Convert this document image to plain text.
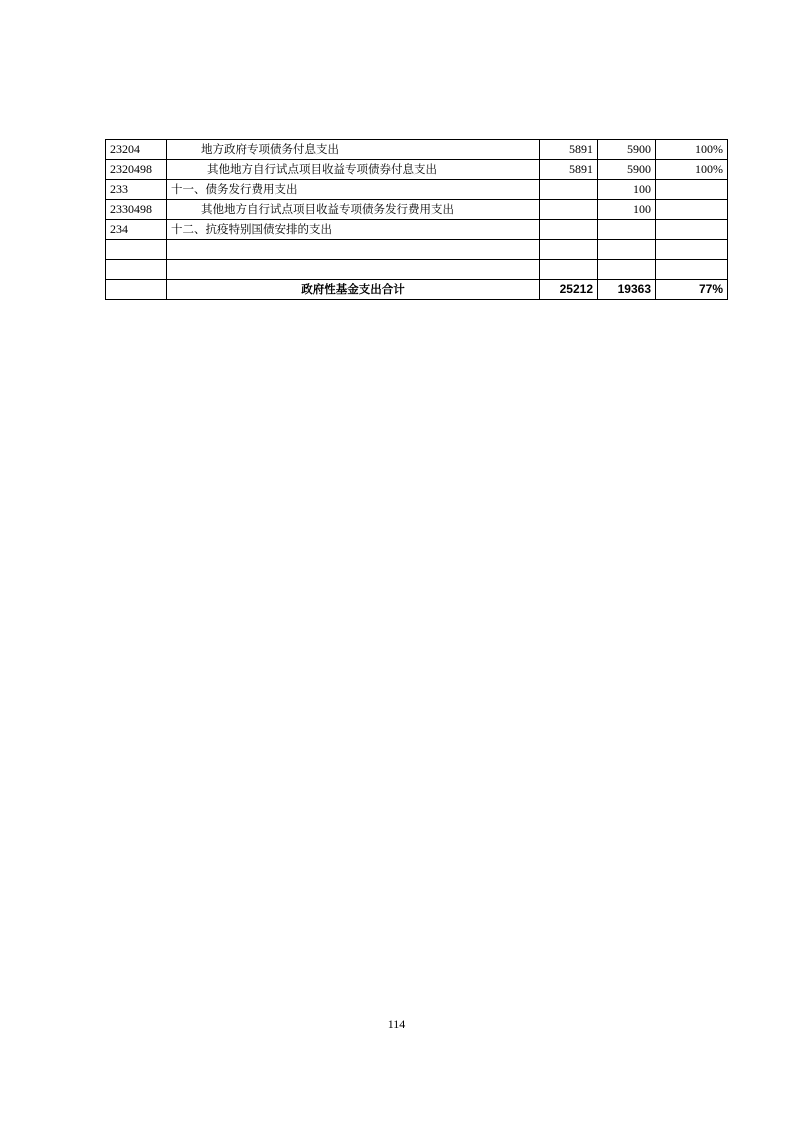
23204	地方政府专项债务付息支出	5891	5900	100%
2320498	其他地方自行试点项目收益专项债券付息支出	5891	5900	100%
233	十一、债务发行费用支出		100	
2330498	其他地方自行试点项目收益专项债务发行费用支出		100	
234	十二、抗疫特别国债安排的支出			

	政府性基金支出合计	25212	19363	77%
114
